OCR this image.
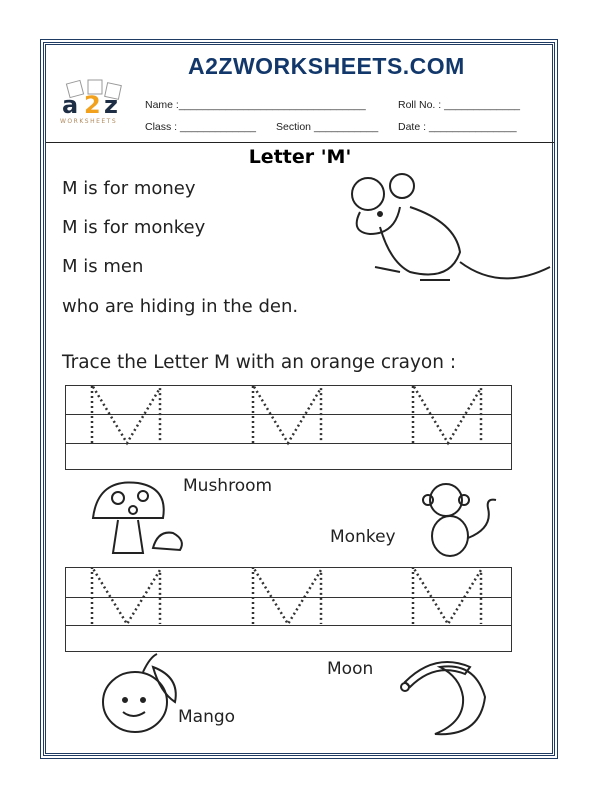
a 2 z
WORKSHEETS
A2ZWORKSHEETS.COM
Name :________________________________	Roll No. : _____________
Class : _____________ Section ___________ Date : _______________
Letter 'M'
M is for money
M is for monkey
M is men
who are hiding in the den.
Trace the Letter M with an orange crayon :
Mushroom
Monkey
Mango
Moon
